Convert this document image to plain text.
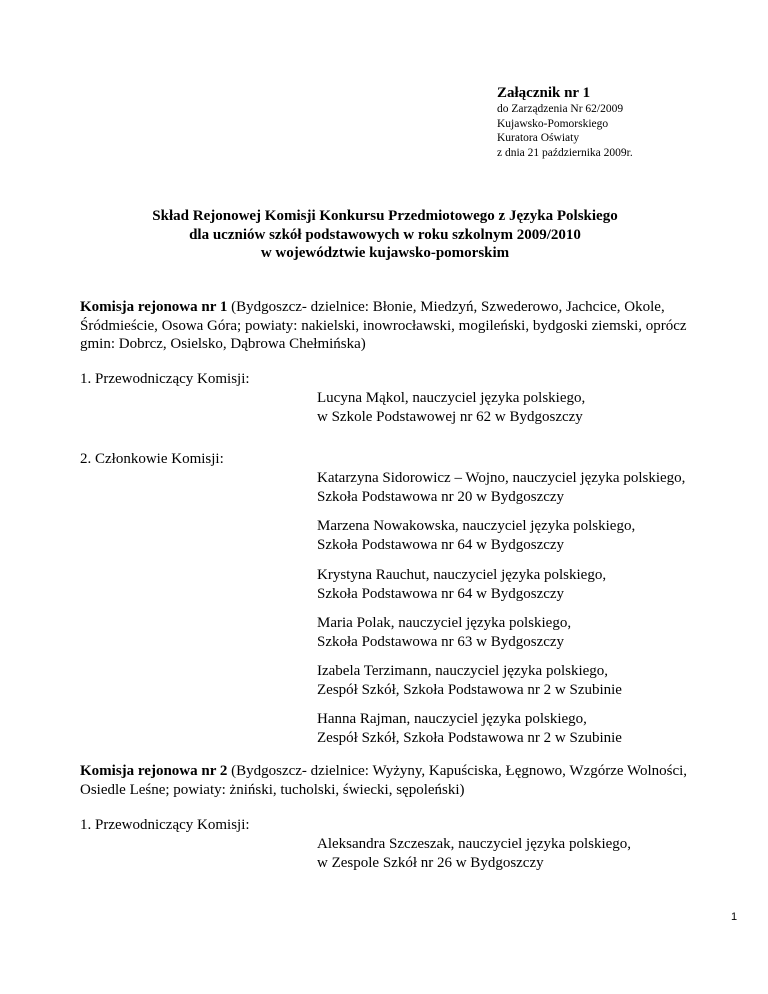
Załącznik nr 1
do Zarządzenia Nr 62/2009
Kujawsko-Pomorskiego
Kuratora Oświaty
z dnia 21 października 2009r.
Skład Rejonowej Komisji Konkursu Przedmiotowego z Języka Polskiego
dla uczniów szkół podstawowych w roku szkolnym 2009/2010
w województwie kujawsko-pomorskim
Komisja rejonowa nr 1 (Bydgoszcz- dzielnice: Błonie, Miedzyń, Szwederowo, Jachcice, Okole, Śródmieście, Osowa Góra; powiaty: nakielski, inowrocławski, mogileński, bydgoski ziemski, oprócz gmin: Dobrcz, Osielsko, Dąbrowa Chełmińska)
1. Przewodniczący Komisji:
Lucyna Mąkol, nauczyciel języka polskiego,
w Szkole Podstawowej nr 62 w Bydgoszczy
2. Członkowie Komisji:
Katarzyna Sidorowicz – Wojno, nauczyciel języka polskiego,
Szkoła Podstawowa nr 20 w Bydgoszczy
Marzena Nowakowska, nauczyciel języka polskiego,
Szkoła Podstawowa nr 64 w Bydgoszczy
Krystyna Rauchut, nauczyciel języka polskiego,
Szkoła Podstawowa nr 64 w Bydgoszczy
Maria Polak, nauczyciel języka polskiego,
Szkoła Podstawowa nr 63 w Bydgoszczy
Izabela Terzimann, nauczyciel języka polskiego,
Zespół Szkół, Szkoła Podstawowa nr 2 w Szubinie
Hanna Rajman, nauczyciel języka polskiego,
Zespół Szkół, Szkoła Podstawowa nr 2 w Szubinie
Komisja rejonowa nr 2 (Bydgoszcz- dzielnice: Wyżyny, Kapuściska, Łęgnowo, Wzgórze Wolności, Osiedle Leśne; powiaty: żniński, tucholski, świecki, sępoleński)
1. Przewodniczący Komisji:
Aleksandra Szczeszak, nauczyciel języka polskiego,
w Zespole Szkół nr 26 w Bydgoszczy
1
